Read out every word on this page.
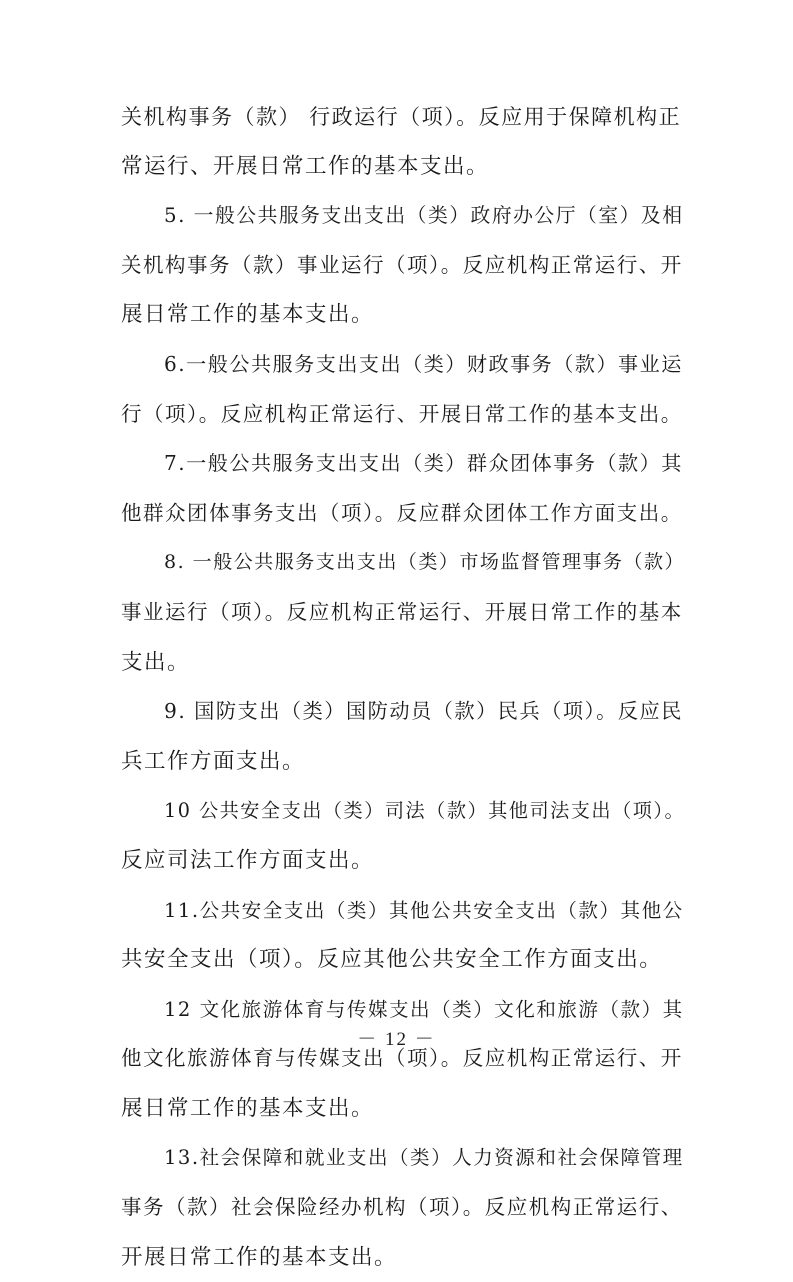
关机构事务（款） 行政运行（项）。反应用于保障机构正
常运行、开展日常工作的基本支出。
5. 一般公共服务支出支出（类）政府办公厅（室）及相
关机构事务（款）事业运行（项）。反应机构正常运行、开
展日常工作的基本支出。
6.一般公共服务支出支出（类）财政事务（款）事业运
行（项）。反应机构正常运行、开展日常工作的基本支出。
7.一般公共服务支出支出（类）群众团体事务（款）其
他群众团体事务支出（项）。反应群众团体工作方面支出。
8. 一般公共服务支出支出（类）市场监督管理事务（款）
事业运行（项）。反应机构正常运行、开展日常工作的基本
支出。
9. 国防支出（类）国防动员（款）民兵（项）。反应民
兵工作方面支出。
10 公共安全支出（类）司法（款）其他司法支出（项）。
反应司法工作方面支出。
11.公共安全支出（类）其他公共安全支出（款）其他公
共安全支出（项）。反应其他公共安全工作方面支出。
12 文化旅游体育与传媒支出（类）文化和旅游（款）其
他文化旅游体育与传媒支出（项）。反应机构正常运行、开
展日常工作的基本支出。
13.社会保障和就业支出（类）人力资源和社会保障管理
事务（款）社会保险经办机构（项）。反应机构正常运行、
开展日常工作的基本支出。
－ 12 －
